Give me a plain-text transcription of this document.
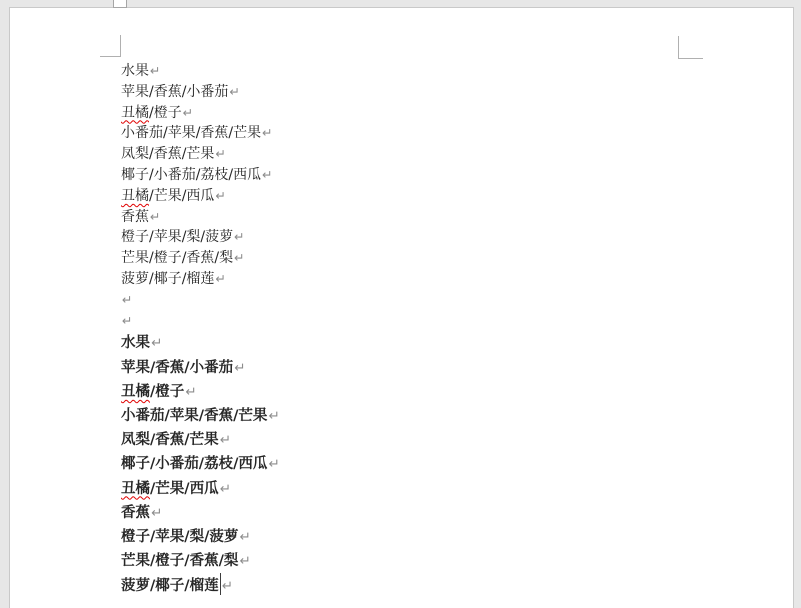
水果↵

苹果/香蕉/小番茄↵

丑橘/橙子↵

小番茄/苹果/香蕉/芒果↵

凤梨/香蕉/芒果↵

椰子/小番茄/荔枝/西瓜↵

丑橘/芒果/西瓜↵

香蕉↵

橙子/苹果/梨/菠萝↵

芒果/橙子/香蕉/梨↵

菠萝/椰子/榴莲↵

↵

↵

水果↵

苹果/香蕉/小番茄↵

丑橘/橙子↵

小番茄/苹果/香蕉/芒果↵

凤梨/香蕉/芒果↵

椰子/小番茄/荔枝/西瓜↵

丑橘/芒果/西瓜↵

香蕉↵

橙子/苹果/梨/菠萝↵

芒果/橙子/香蕉/梨↵

菠萝/椰子/榴莲 ↵
